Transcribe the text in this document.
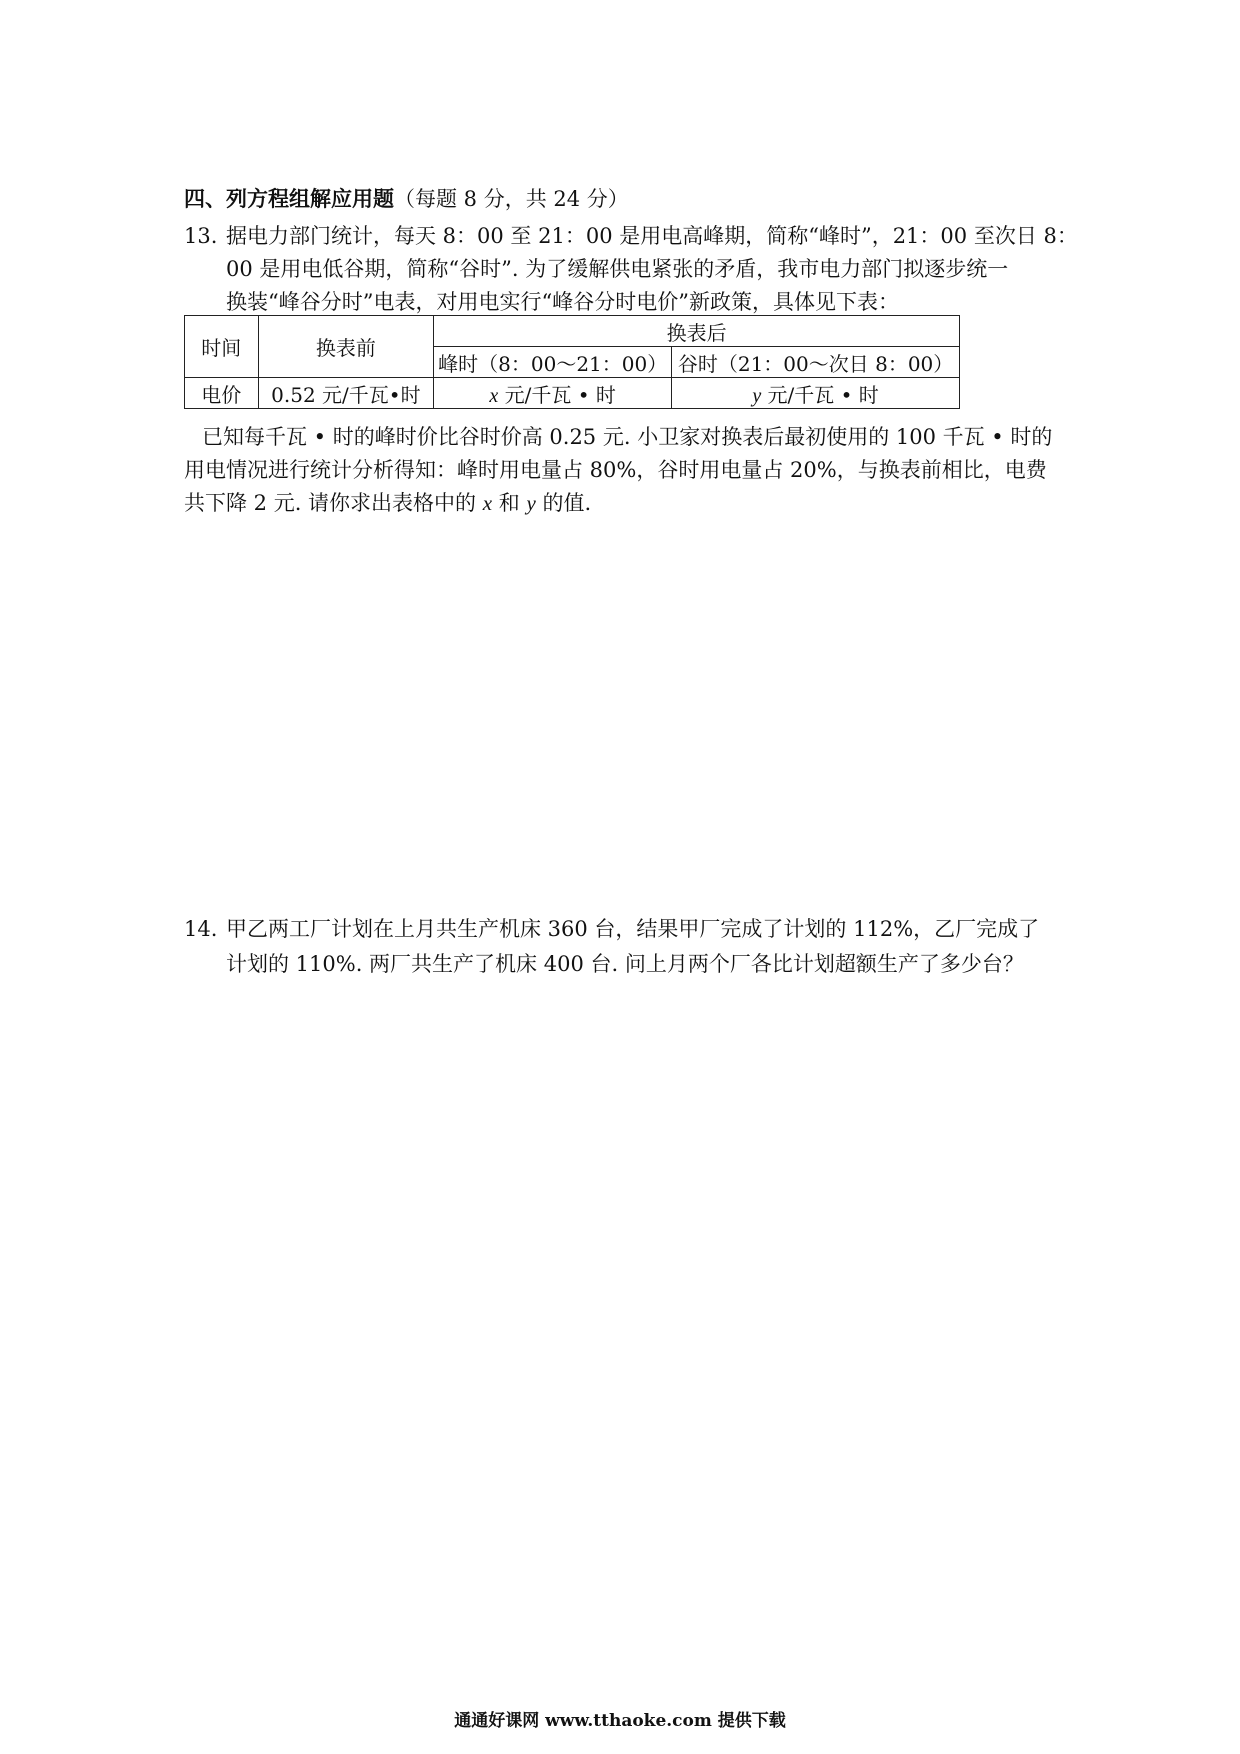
四、列方程组解应用题（每题 8 分，共 24 分）
13. 据电力部门统计，每天 8：00 至 21：00 是用电高峰期，简称“峰时”，21：00 至次日 8：
00 是用电低谷期，简称“谷时”. 为了缓解供电紧张的矛盾，我市电力部门拟逐步统一
换装“峰谷分时”电表，对用电实行“峰谷分时电价”新政策，具体见下表：
时间	换表前	换表后	
		峰时（8：00～21：00）	谷时（21：00～次日 8：00）
电价	0.52 元/千瓦•时	x 元/千瓦 • 时	y 元/千瓦 • 时
已知每千瓦 • 时的峰时价比谷时价高 0.25 元. 小卫家对换表后最初使用的 100 千瓦 • 时的
用电情况进行统计分析得知：峰时用电量占 80%，谷时用电量占 20%，与换表前相比，电费
共下降 2 元. 请你求出表格中的 x 和 y 的值.
14. 甲乙两工厂计划在上月共生产机床 360 台，结果甲厂完成了计划的 112%，乙厂完成了
计划的 110%. 两厂共生产了机床 400 台. 问上月两个厂各比计划超额生产了多少台？
通通好课网 www.tthaoke.com 提供下载
